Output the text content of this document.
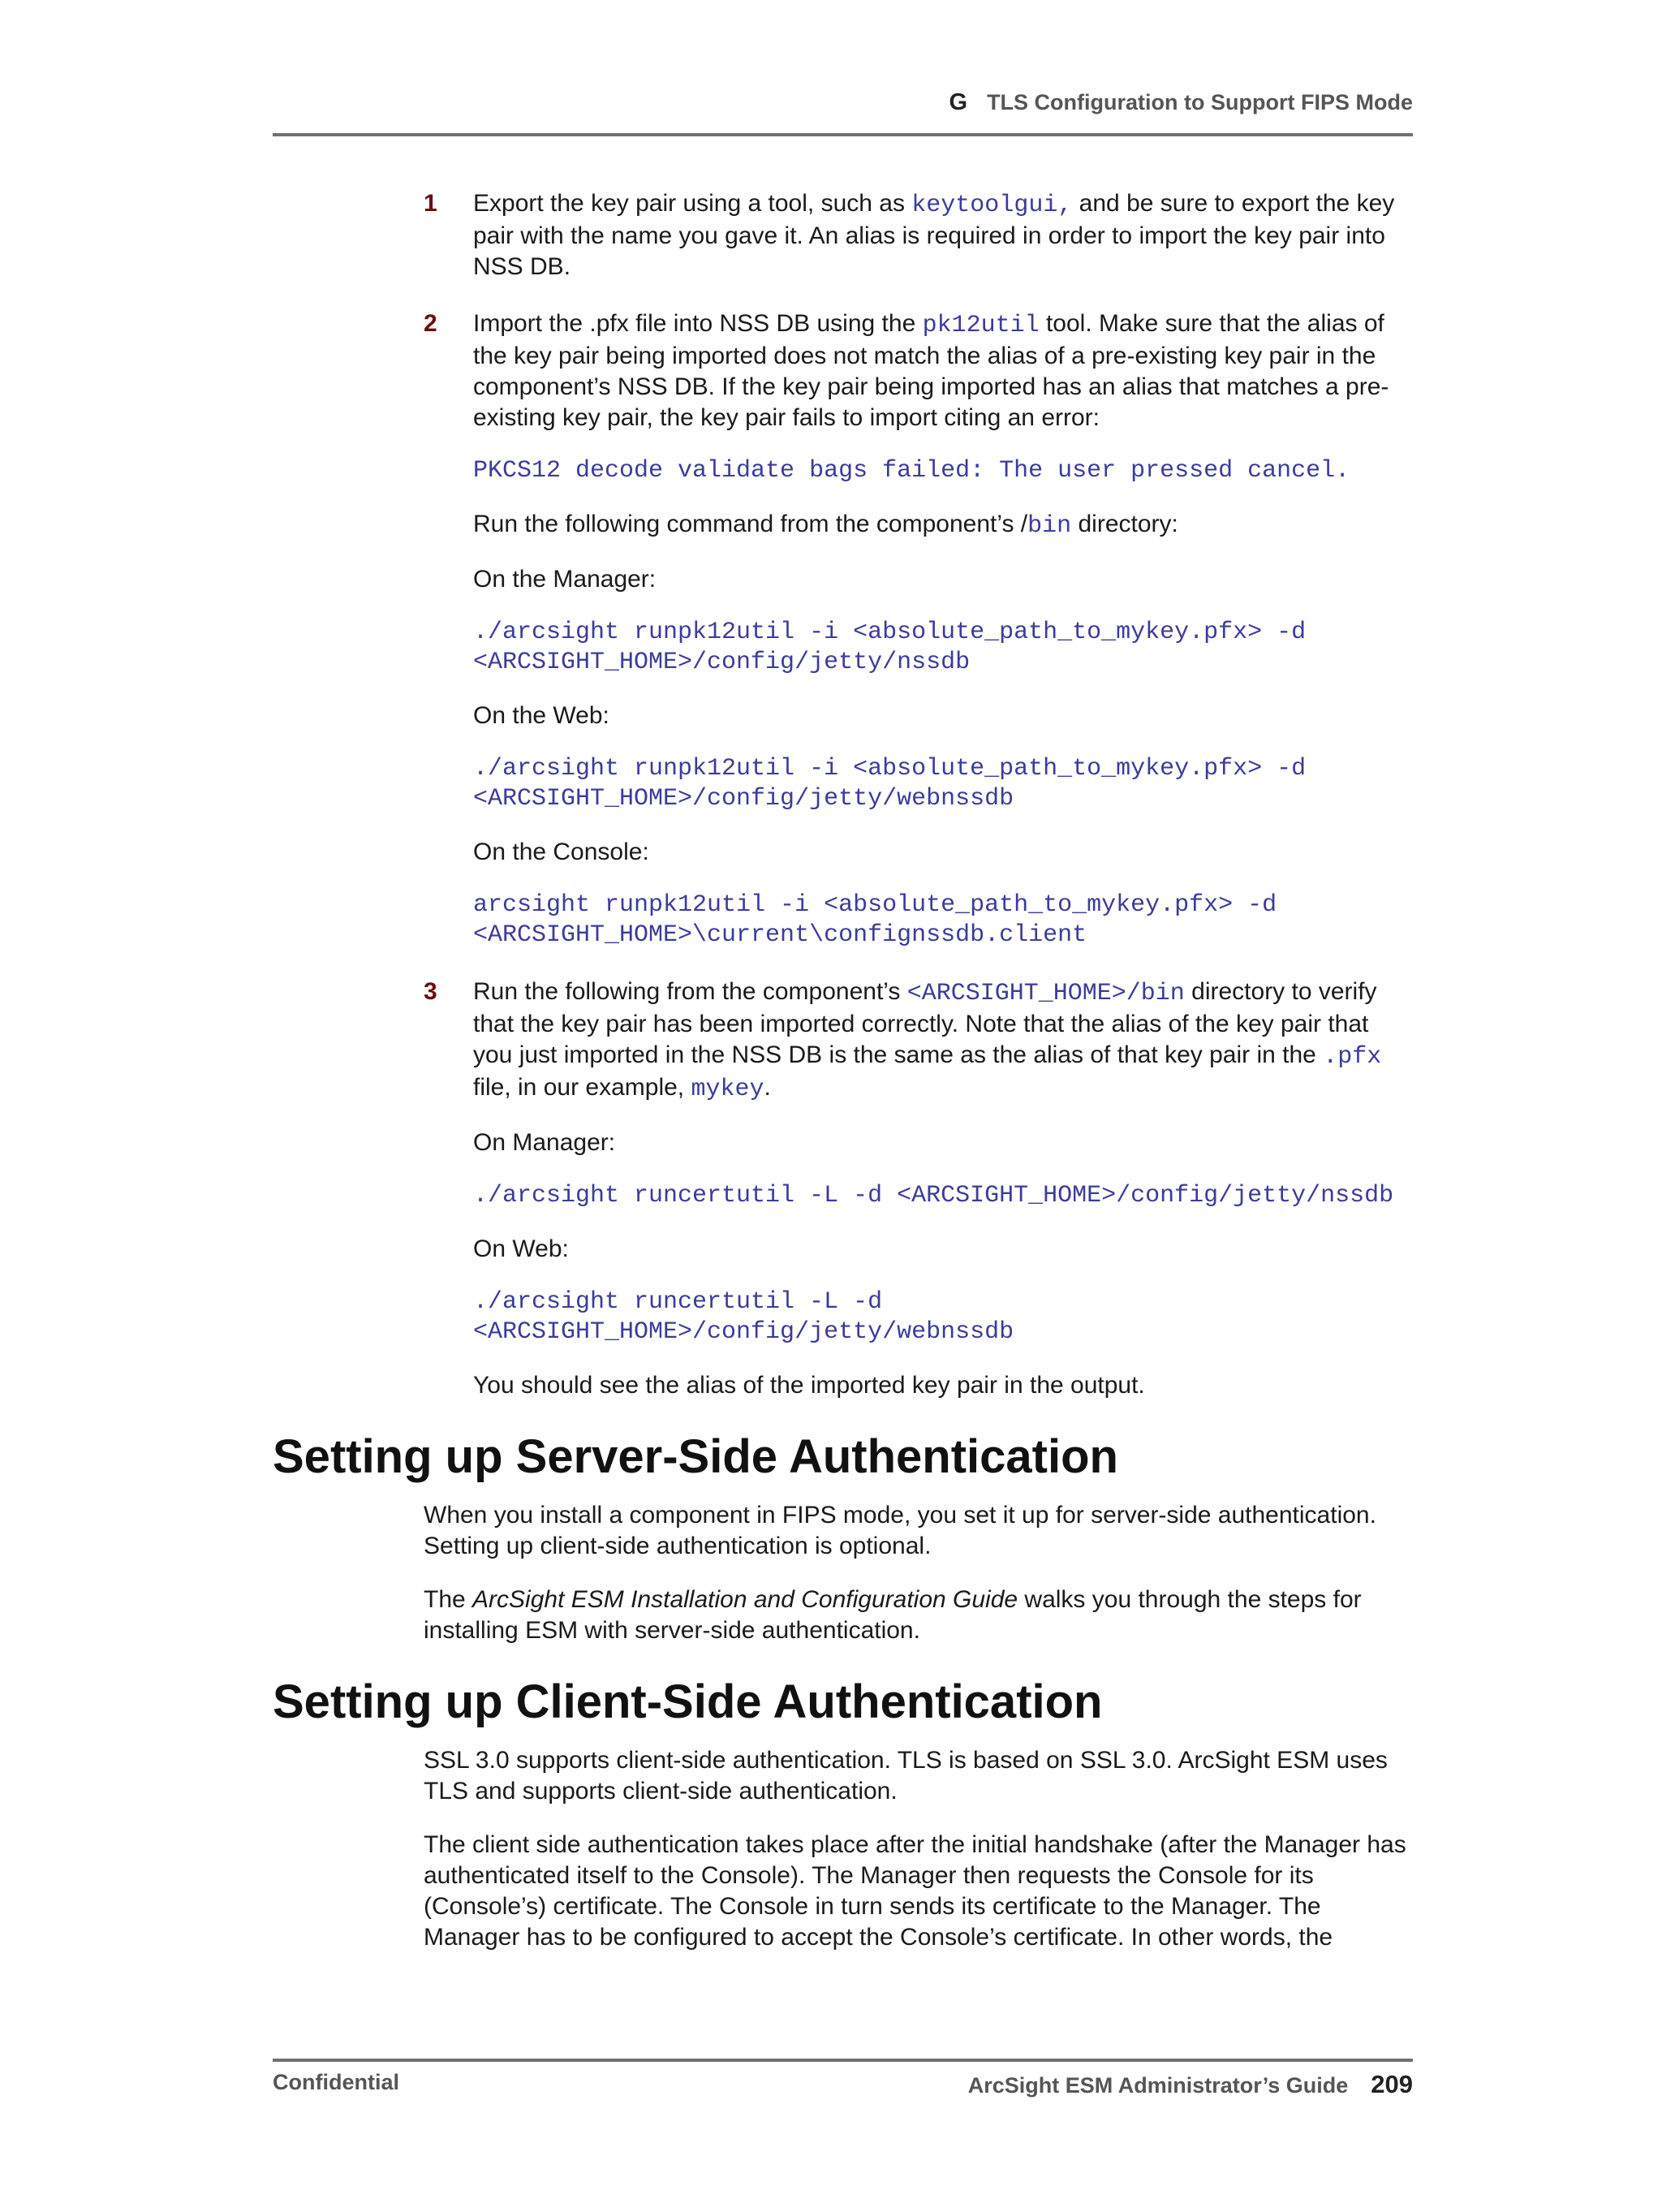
G TLS Configuration to Support FIPS Mode
1 Export the key pair using a tool, such as keytoolgui, and be sure to export the key pair with the name you gave it. An alias is required in order to import the key pair into NSS DB.

2 Import the .pfx file into NSS DB using the pk12util tool. Make sure that the alias of the key pair being imported does not match the alias of a pre-existing key pair in the component’s NSS DB. If the key pair being imported has an alias that matches a pre-existing key pair, the key pair fails to import citing an error:

PKCS12 decode validate bags failed: The user pressed cancel.

Run the following command from the component’s /bin directory:

On the Manager:

./arcsight runpk12util -i <absolute_path_to_mykey.pfx> -d
<ARCSIGHT_HOME>/config/jetty/nssdb

On the Web:

./arcsight runpk12util -i <absolute_path_to_mykey.pfx> -d
<ARCSIGHT_HOME>/config/jetty/webnssdb

On the Console:

arcsight runpk12util -i <absolute_path_to_mykey.pfx> -d
<ARCSIGHT_HOME>\current\confignssdb.client
3 Run the following from the component’s <ARCSIGHT_HOME>/bin directory to verify that the key pair has been imported correctly. Note that the alias of the key pair that you just imported in the NSS DB is the same as the alias of that key pair in the .pfx file, in our example, mykey.

On Manager:

./arcsight runcertutil -L -d <ARCSIGHT_HOME>/config/jetty/nssdb

On Web:

./arcsight runcertutil -L -d
<ARCSIGHT_HOME>/config/jetty/webnssdb

You should see the alias of the imported key pair in the output.

Setting up Server-Side Authentication

When you install a component in FIPS mode, you set it up for server-side authentication. Setting up client-side authentication is optional.

The ArcSight ESM Installation and Configuration Guide walks you through the steps for installing ESM with server-side authentication.

Setting up Client-Side Authentication

SSL 3.0 supports client-side authentication. TLS is based on SSL 3.0. ArcSight ESM uses TLS and supports client-side authentication.

The client side authentication takes place after the initial handshake (after the Manager has authenticated itself to the Console). The Manager then requests the Console for its (Console’s) certificate. The Console in turn sends its certificate to the Manager. The Manager has to be configured to accept the Console’s certificate. In other words, the

Confidential	ArcSight ESM Administrator’s Guide 209
